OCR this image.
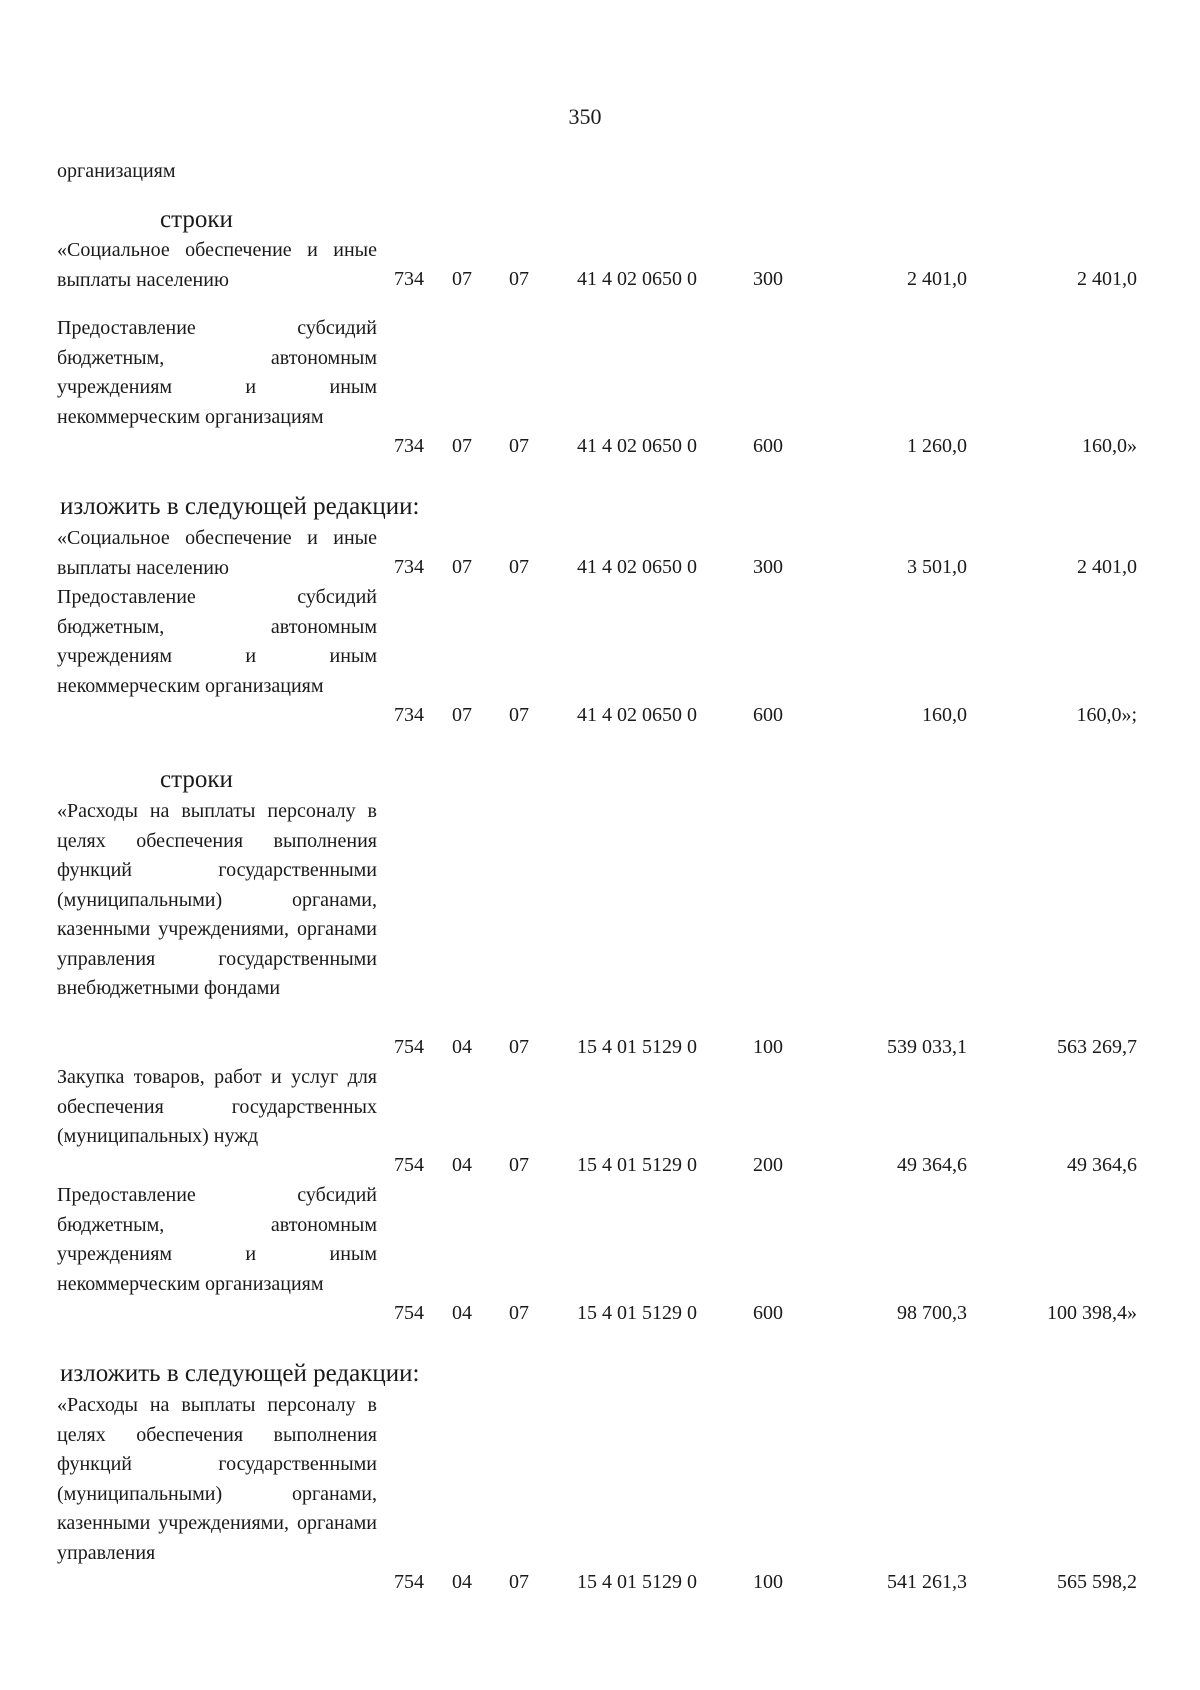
350
организациям
строки
«Социальное обеспечение и иные выплаты населению	734 07 07 41 4 02 0650 0	300	2 401,0	2 401,0
Предоставление субсидий бюджетным, автономным учреждениям и иным некоммерческим организациям
734 07 07 41 4 02 0650 0	600	1 260,0	160,0»
изложить в следующей редакции:
«Социальное обеспечение и иные выплаты населению	734 07 07 41 4 02 0650 0	300	3 501,0	2 401,0
Предоставление субсидий бюджетным, автономным учреждениям и иным некоммерческим организациям
734 07 07 41 4 02 0650 0	600	160,0	160,0»;
строки
«Расходы на выплаты персоналу в целях обеспечения выполнения функций государственными (муниципальными) органами, казенными учреждениями, органами управления государственными внебюджетными фондами
754 04 07 15 4 01 5129 0	100	539 033,1	563 269,7
Закупка товаров, работ и услуг для обеспечения государственных (муниципальных) нужд
754 04 07 15 4 01 5129 0	200	49 364,6	49 364,6
Предоставление субсидий бюджетным, автономным учреждениям и иным некоммерческим организациям
754 04 07 15 4 01 5129 0	600	98 700,3	100 398,4»
изложить в следующей редакции:
«Расходы на выплаты персоналу в целях обеспечения выполнения функций государственными (муниципальными) органами, казенными учреждениями, органами управления
754 04 07 15 4 01 5129 0	100	541 261,3	565 598,2
